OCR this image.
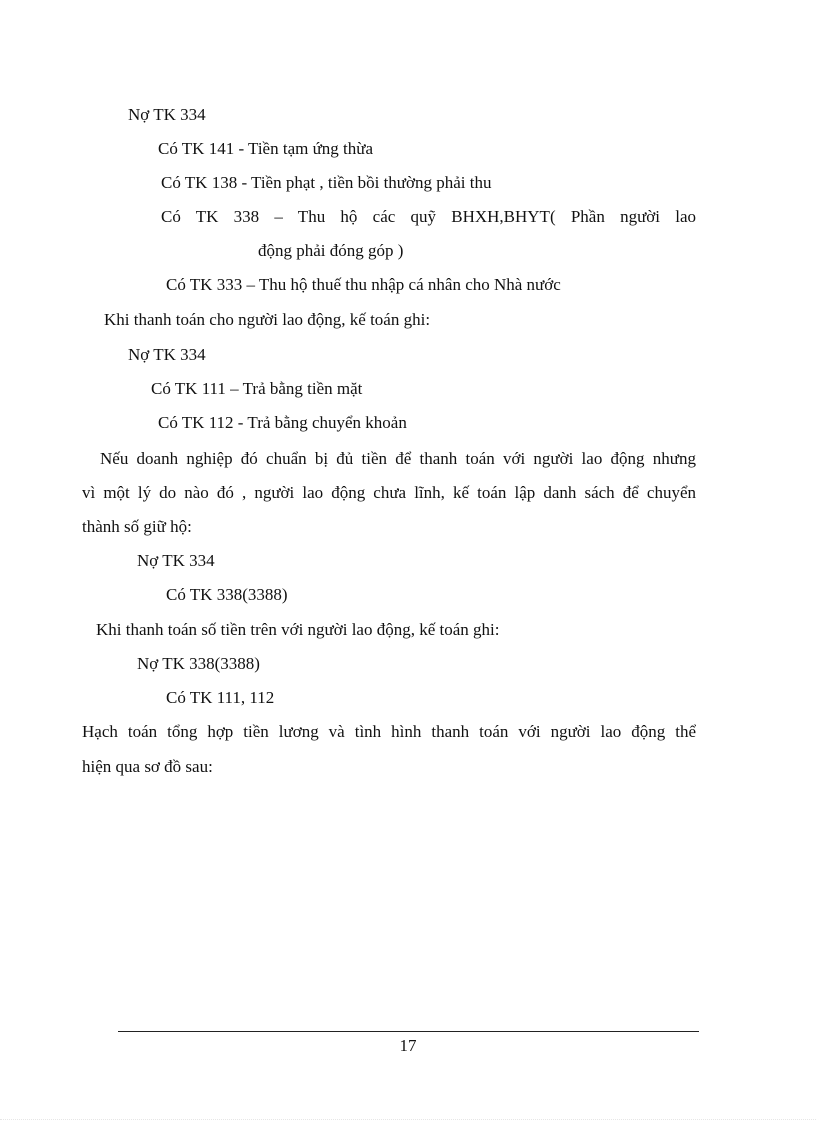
Nợ TK 334
Có TK 141 - Tiền tạm ứng thừa
Có TK 138 - Tiền phạt , tiền bồi thường phải thu
Có TK 338 – Thu hộ các quỹ BHXH,BHYT( Phần người lao
động phải đóng góp )
Có TK 333 – Thu hộ thuế thu nhập cá nhân cho Nhà nước
Khi thanh toán cho người lao động, kế toán ghi:
Nợ TK 334
Có TK 111 – Trả bằng tiền mặt
Có TK 112 - Trả bằng chuyển khoản
Nếu doanh nghiệp đó chuẩn bị đủ tiền để thanh toán với người lao động nhưng
vì một lý do nào đó , người lao động chưa lĩnh, kế toán lập danh sách để chuyển
thành số giữ hộ:
Nợ TK 334
Có TK 338(3388)
Khi thanh toán số tiền trên với người lao động, kế toán ghi:
Nợ TK 338(3388)
Có TK 111, 112
Hạch toán tổng hợp tiền lương và tình hình thanh toán với người lao động thể
hiện qua sơ đồ sau:
17
